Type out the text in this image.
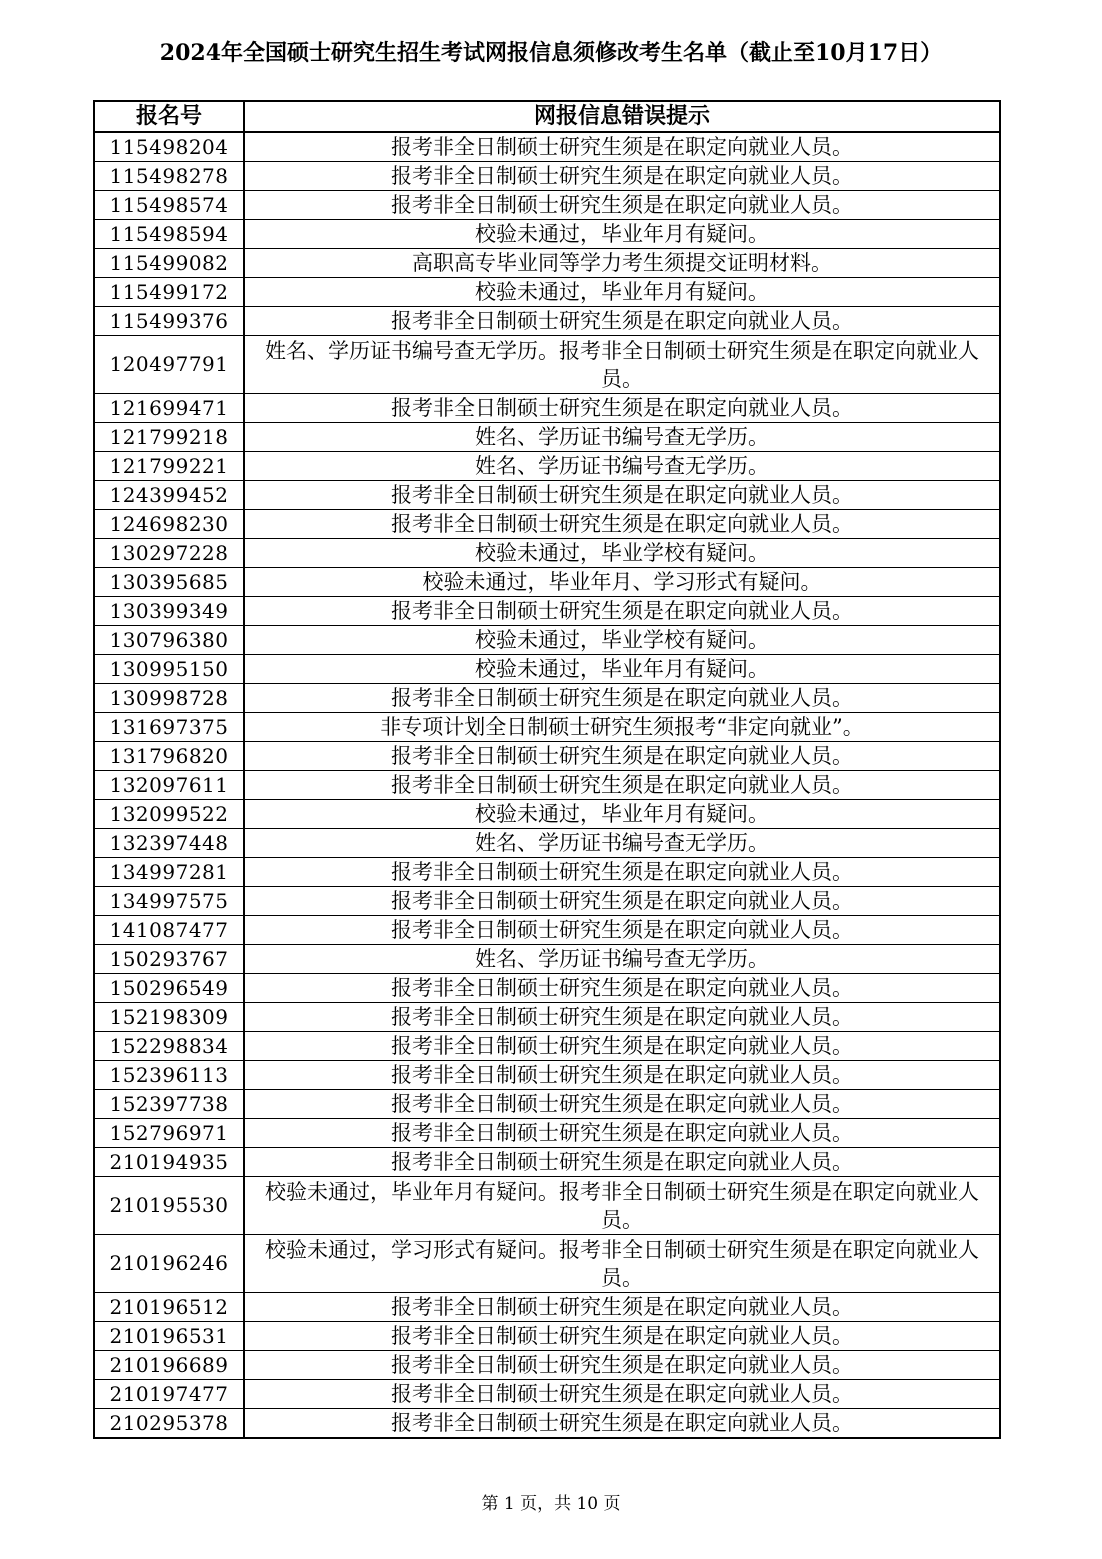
2024年全国硕士研究生招生考试网报信息须修改考生名单（截止至10月17日）
报名号	网报信息错误提示
115498204	报考非全日制硕士研究生须是在职定向就业人员。
115498278	报考非全日制硕士研究生须是在职定向就业人员。
115498574	报考非全日制硕士研究生须是在职定向就业人员。
115498594	校验未通过，毕业年月有疑问。
115499082	高职高专毕业同等学力考生须提交证明材料。
115499172	校验未通过，毕业年月有疑问。
115499376	报考非全日制硕士研究生须是在职定向就业人员。
120497791	姓名、学历证书编号查无学历。报考非全日制硕士研究生须是在职定向就业人员。
121699471	报考非全日制硕士研究生须是在职定向就业人员。
121799218	姓名、学历证书编号查无学历。
121799221	姓名、学历证书编号查无学历。
124399452	报考非全日制硕士研究生须是在职定向就业人员。
124698230	报考非全日制硕士研究生须是在职定向就业人员。
130297228	校验未通过，毕业学校有疑问。
130395685	校验未通过，毕业年月、学习形式有疑问。
130399349	报考非全日制硕士研究生须是在职定向就业人员。
130796380	校验未通过，毕业学校有疑问。
130995150	校验未通过，毕业年月有疑问。
130998728	报考非全日制硕士研究生须是在职定向就业人员。
131697375	非专项计划全日制硕士研究生须报考“非定向就业”。
131796820	报考非全日制硕士研究生须是在职定向就业人员。
132097611	报考非全日制硕士研究生须是在职定向就业人员。
132099522	校验未通过，毕业年月有疑问。
132397448	姓名、学历证书编号查无学历。
134997281	报考非全日制硕士研究生须是在职定向就业人员。
134997575	报考非全日制硕士研究生须是在职定向就业人员。
141087477	报考非全日制硕士研究生须是在职定向就业人员。
150293767	姓名、学历证书编号查无学历。
150296549	报考非全日制硕士研究生须是在职定向就业人员。
152198309	报考非全日制硕士研究生须是在职定向就业人员。
152298834	报考非全日制硕士研究生须是在职定向就业人员。
152396113	报考非全日制硕士研究生须是在职定向就业人员。
152397738	报考非全日制硕士研究生须是在职定向就业人员。
152796971	报考非全日制硕士研究生须是在职定向就业人员。
210194935	报考非全日制硕士研究生须是在职定向就业人员。
210195530	校验未通过，毕业年月有疑问。报考非全日制硕士研究生须是在职定向就业人员。
210196246	校验未通过，学习形式有疑问。报考非全日制硕士研究生须是在职定向就业人员。
210196512	报考非全日制硕士研究生须是在职定向就业人员。
210196531	报考非全日制硕士研究生须是在职定向就业人员。
210196689	报考非全日制硕士研究生须是在职定向就业人员。
210197477	报考非全日制硕士研究生须是在职定向就业人员。
210295378	报考非全日制硕士研究生须是在职定向就业人员。
第 1 页，共 10 页
